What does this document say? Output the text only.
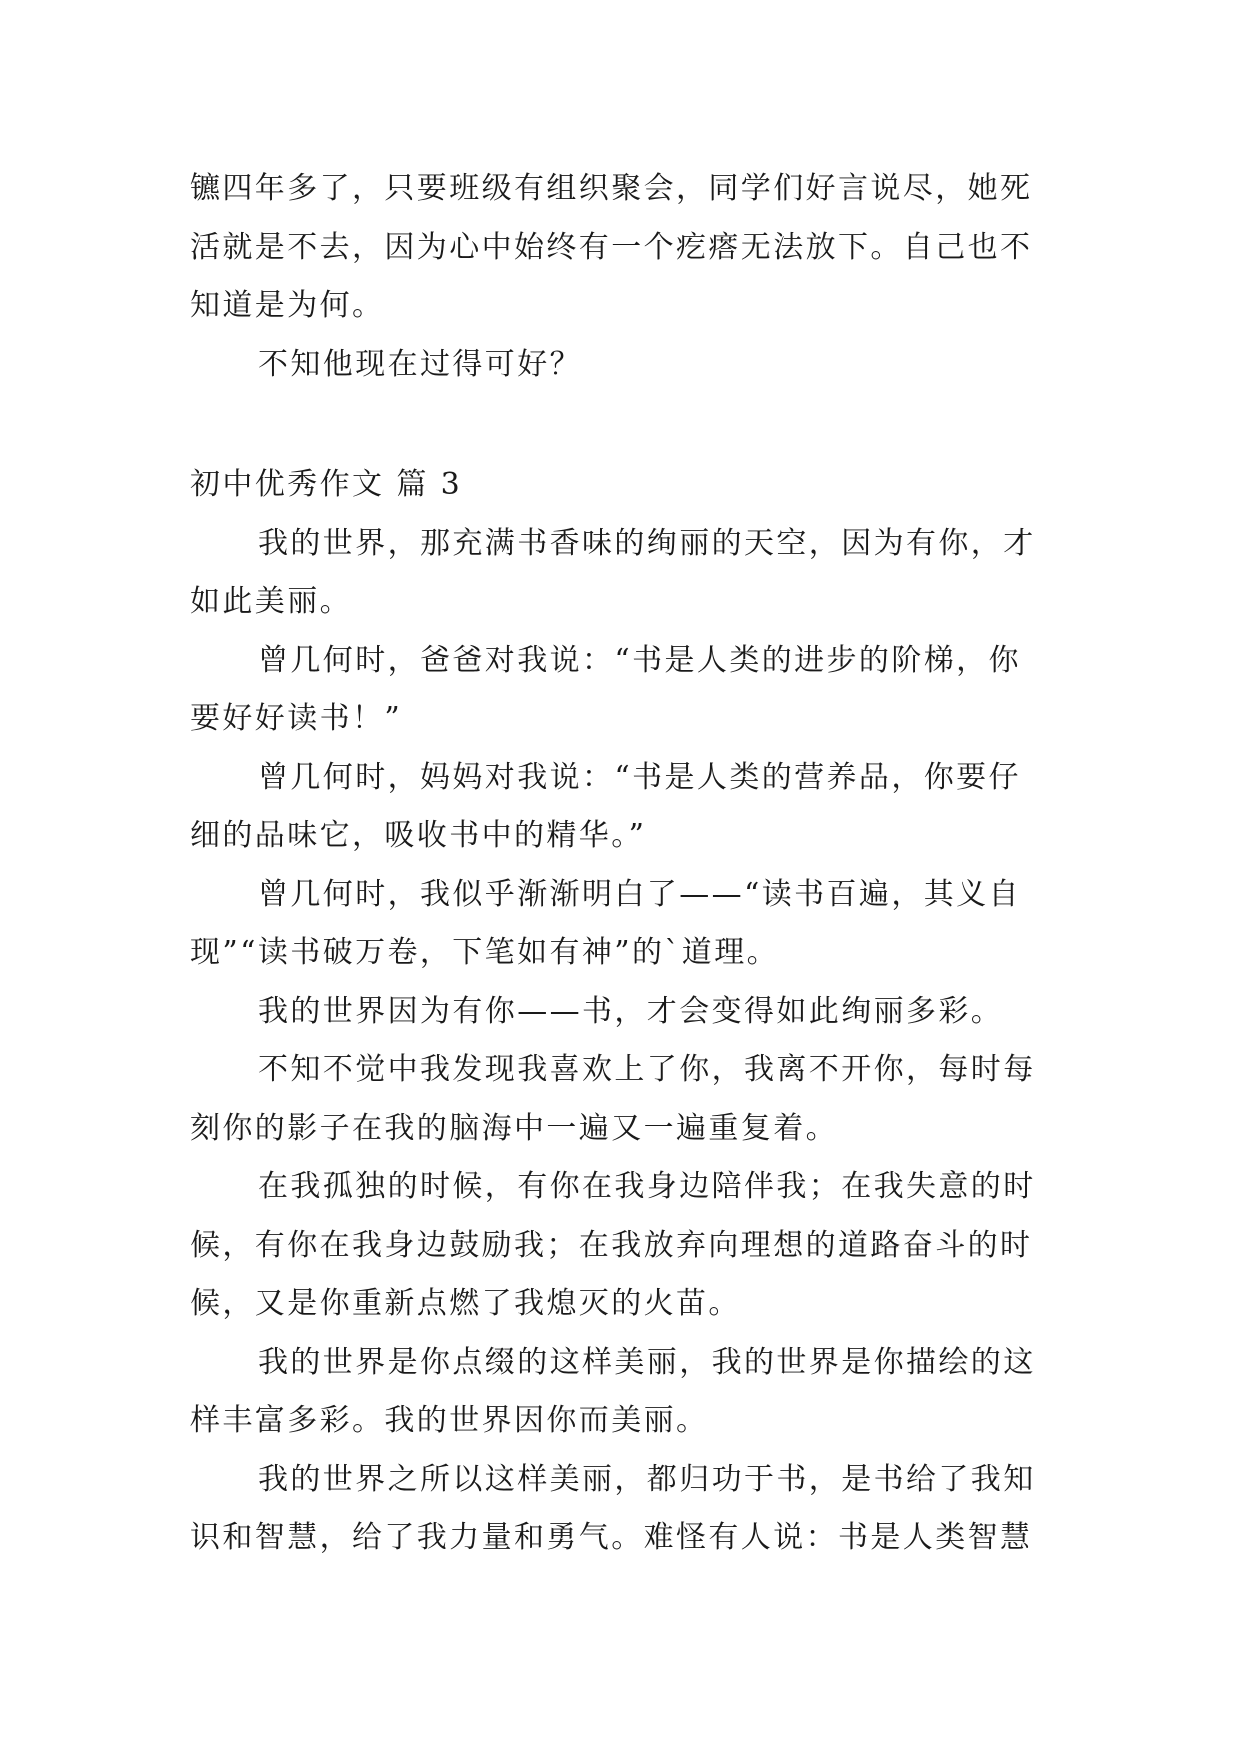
镳四年多了，只要班级有组织聚会，同学们好言说尽，她死
活就是不去，因为心中始终有一个疙瘩无法放下。自己也不
知道是为何。
不知他现在过得可好？
初中优秀作文 篇 3
我的世界，那充满书香味的绚丽的天空，因为有你，才
如此美丽。
曾几何时，爸爸对我说：“书是人类的进步的阶梯，你
要好好读书！”
曾几何时，妈妈对我说：“书是人类的营养品，你要仔
细的品味它，吸收书中的精华。”
曾几何时，我似乎渐渐明白了——“读书百遍，其义自
现”“读书破万卷，下笔如有神”的`道理。
我的世界因为有你——书，才会变得如此绚丽多彩。
不知不觉中我发现我喜欢上了你，我离不开你，每时每
刻你的影子在我的脑海中一遍又一遍重复着。
在我孤独的时候，有你在我身边陪伴我；在我失意的时
候，有你在我身边鼓励我；在我放弃向理想的道路奋斗的时
候，又是你重新点燃了我熄灭的火苗。
我的世界是你点缀的这样美丽，我的世界是你描绘的这
样丰富多彩。我的世界因你而美丽。
我的世界之所以这样美丽，都归功于书，是书给了我知
识和智慧，给了我力量和勇气。难怪有人说：书是人类智慧
